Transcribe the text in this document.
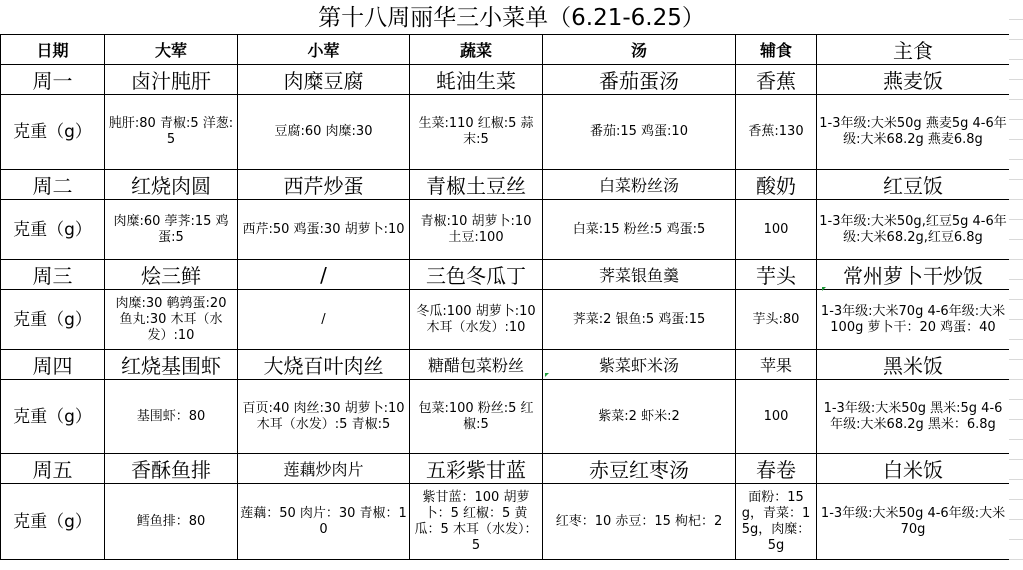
第十八周丽华三小菜单（6.21-6.25）
日期	大荤	小荤	蔬菜	汤	辅食	主食
周一	卤汁肫肝	肉糜豆腐	蚝油生菜	番茄蛋汤	香蕉	燕麦饭
克重（g）	肫肝:80 青椒:5 洋葱:5	豆腐:60 肉糜:30	生菜:110 红椒:5 蒜末:5	番茄:15 鸡蛋:10	香蕉:130	1-3年级:大米50g 燕麦5g 4-6年级:大米68.2g 燕麦6.8g
周二	红烧肉圆	西芹炒蛋	青椒土豆丝	白菜粉丝汤	酸奶	红豆饭
克重（g）	肉糜:60 荸荠:15 鸡蛋:5	西芹:50 鸡蛋:30 胡萝卜:10	青椒:10 胡萝卜:10 土豆:100	白菜:15 粉丝:5 鸡蛋:5	100	1-3年级:大米50g,红豆5g 4-6年级:大米68.2g,红豆6.8g
周三	烩三鲜	/	三色冬瓜丁	荠菜银鱼羹	芋头	常州萝卜干炒饭
克重（g）	肉糜:30 鹌鹑蛋:20 鱼丸:30 木耳（水发）:10	/	冬瓜:100 胡萝卜:10 木耳（水发）:10	荠菜:2 银鱼:5 鸡蛋:15	芋头:80	1-3年级:大米70g 4-6年级:大米100g 萝卜干：20 鸡蛋：40
周四	红烧基围虾	大烧百叶肉丝	糖醋包菜粉丝	紫菜虾米汤	苹果	黑米饭
克重（g）	基围虾：80	百页:40 肉丝:30 胡萝卜:10 木耳（水发）:5 青椒:5	包菜:100 粉丝:5 红椒:5	紫菜:2 虾米:2	100	1-3年级:大米50g 黑米:5g 4-6年级:大米68.2g 黑米：6.8g
周五	香酥鱼排	莲藕炒肉片	五彩紫甘蓝	赤豆红枣汤	春卷	白米饭
克重（g）	鳕鱼排：80	莲藕：50 肉片：30 青椒：10	紫甘蓝：100 胡萝卜：5 红椒：5 黄瓜：5 木耳（水发）：5	红枣：10 赤豆：15 枸杞：2	面粉：15g，青菜：15g，肉糜：5g	1-3年级:大米50g 4-6年级:大米70g
